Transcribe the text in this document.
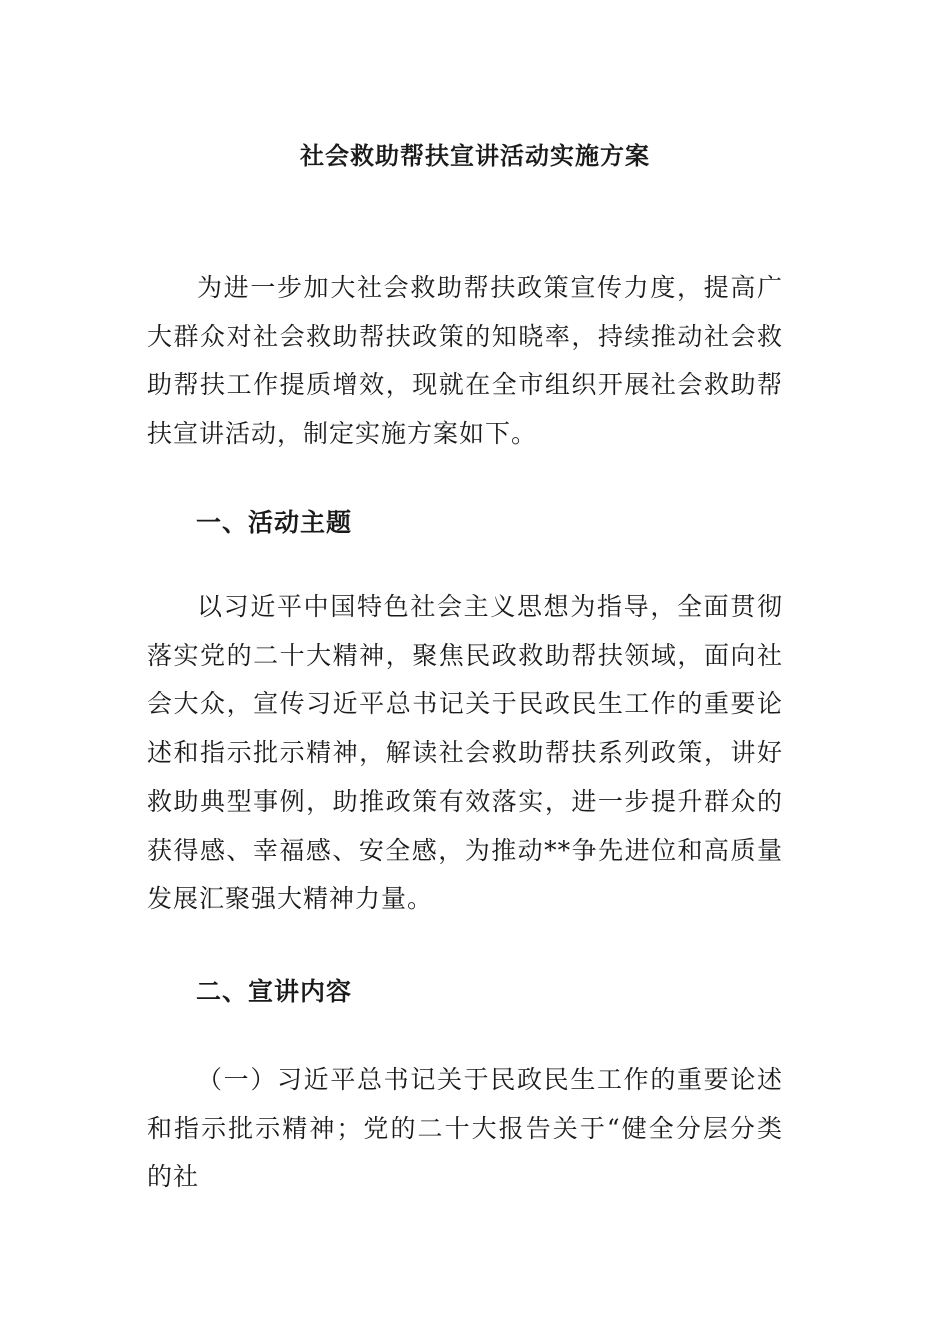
社会救助帮扶宣讲活动实施方案

为进一步加大社会救助帮扶政策宣传力度，提高广大群众对社会救助帮扶政策的知晓率，持续推动社会救助帮扶工作提质增效，现就在全市组织开展社会救助帮扶宣讲活动，制定实施方案如下。

一、活动主题

以习近平中国特色社会主义思想为指导，全面贯彻落实党的二十大精神，聚焦民政救助帮扶领域，面向社会大众，宣传习近平总书记关于民政民生工作的重要论述和指示批示精神，解读社会救助帮扶系列政策，讲好救助典型事例，助推政策有效落实，进一步提升群众的获得感、幸福感、安全感，为推动**争先进位和高质量发展汇聚强大精神力量。

二、宣讲内容

（一）习近平总书记关于民政民生工作的重要论述和指示批示精神；党的二十大报告关于“健全分层分类的社
